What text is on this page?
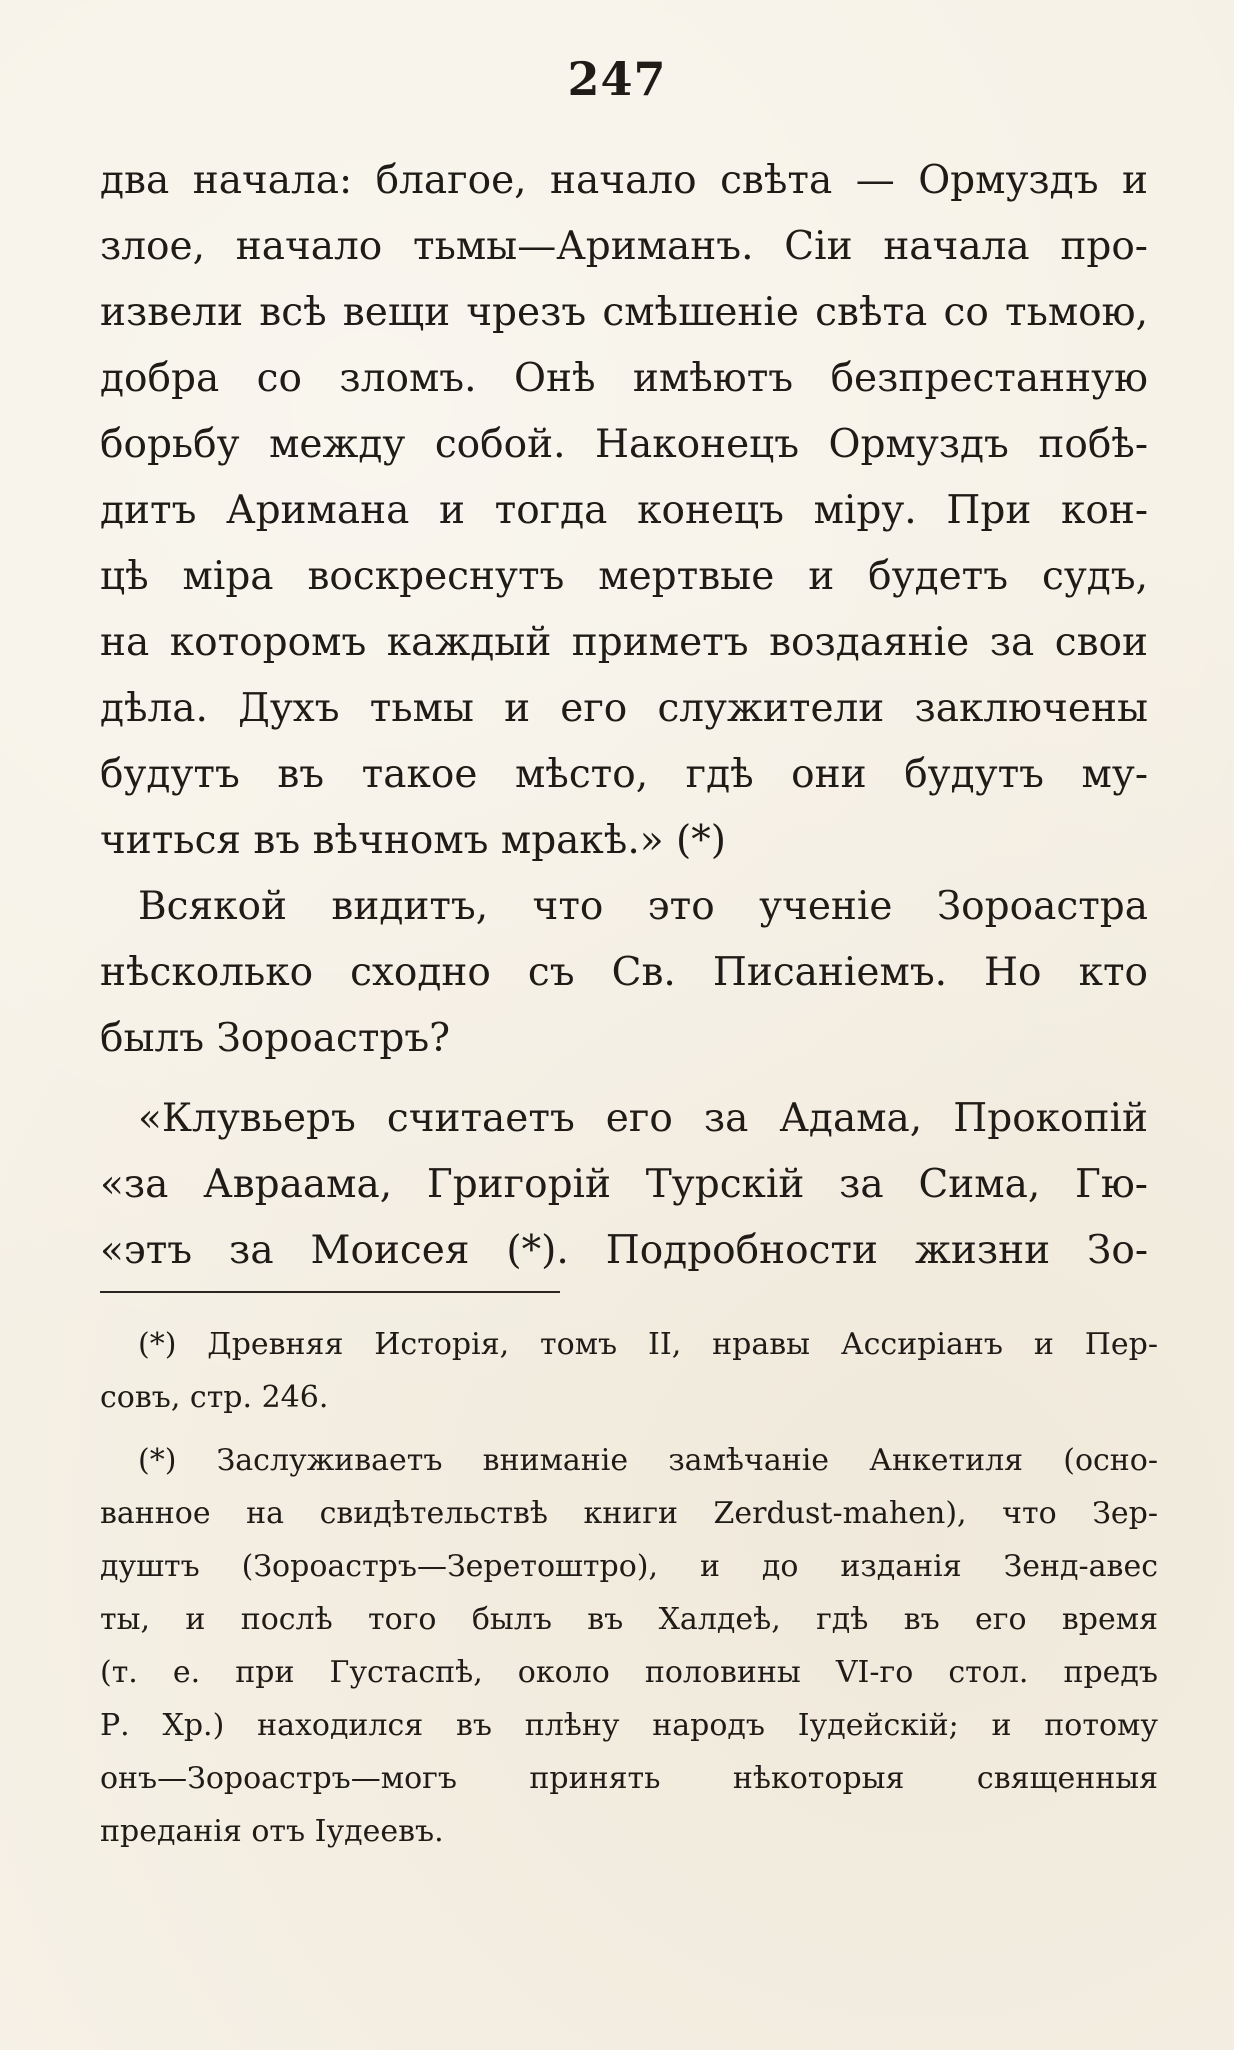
247
два начала: благое, начало свѣта — Ормуздъ и
злое, начало тьмы—Ариманъ. Сіи начала про-
извели всѣ вещи чрезъ смѣшеніе свѣта со тьмою,
добра со зломъ. Онѣ имѣютъ безпрестанную
борьбу между собой. Наконецъ Ормуздъ побѣ-
дитъ Аримана и тогда конецъ міру. При кон-
цѣ міра воскреснутъ мертвые и будетъ судъ,
на которомъ каждый приметъ воздаяніе за свои
дѣла. Духъ тьмы и его служители заключены
будутъ въ такое мѣсто, гдѣ они будутъ му-
читься въ вѣчномъ мракѣ.» (*)
Всякой видитъ, что это ученіе Зороастра
нѣсколько сходно съ Св. Писаніемъ. Но кто
былъ Зороастръ?
«Клувьеръ считаетъ его за Адама, Прокопій
«за Авраама, Григорій Турскій за Сима, Гю-
«этъ за Моисея (*). Подробности жизни Зо-
(*) Древняя Исторія, томъ II, нравы Ассиріанъ и Пер-
совъ, стр. 246.
(*) Заслуживаетъ вниманіе замѣчаніе Анкетиля (осно-
ванное на свидѣтельствѣ книги Zerdust-mahen), что Зер-
душтъ (Зороастръ—Зеретоштро), и до изданія Зенд-авес
ты, и послѣ того былъ въ Халдеѣ, гдѣ въ его время
(т. е. при Густаспѣ, около половины VI-го стол. предъ
Р. Хр.) находился въ плѣну народъ Іудейскій; и потому
онъ—Зороастръ—могъ принять нѣкоторыя священныя
преданія отъ Іудеевъ.
